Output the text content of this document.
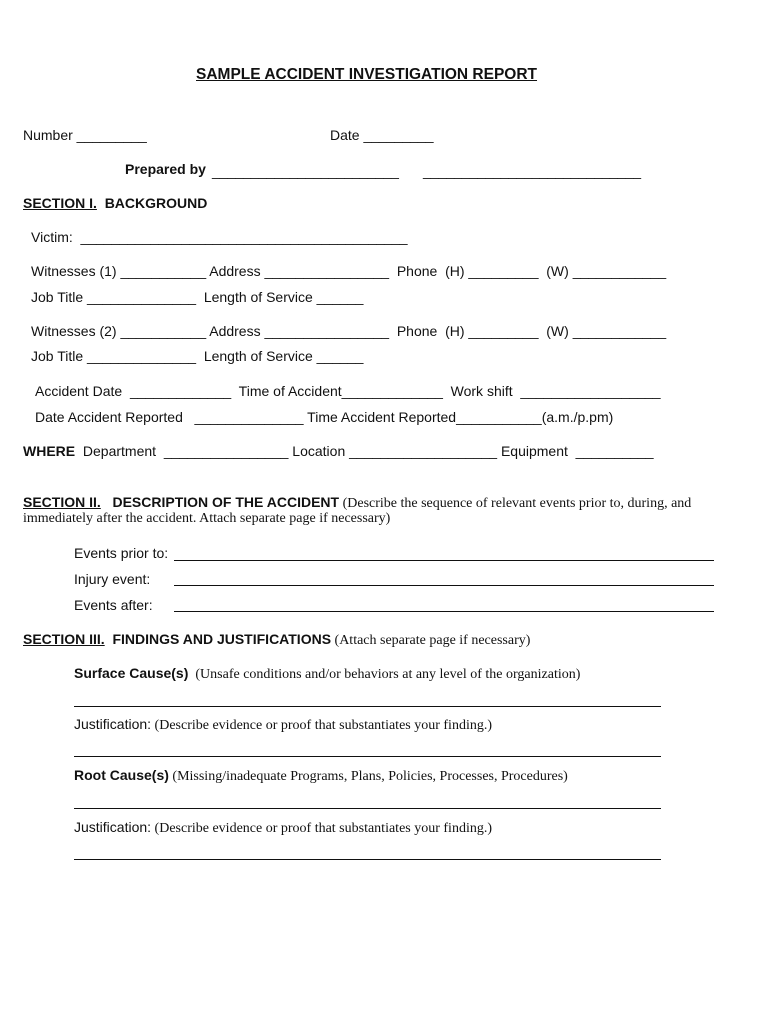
SAMPLE ACCIDENT INVESTIGATION REPORT
Number _________	Date _________
Prepared by ________________________ ____________________________
SECTION I. BACKGROUND
Victim:  __________________________________________
Witnesses (1) ___________ Address ________________  Phone  (H) _________  (W) ____________
Job Title ______________  Length of Service ______
Witnesses (2) ___________ Address ________________  Phone  (H) _________  (W) ____________
Job Title ______________  Length of Service ______
Accident Date  _____________  Time of Accident_____________  Work shift  __________________
Date Accident Reported   ______________ Time Accident Reported___________(a.m./p.pm)
WHERE  Department  ________________ Location ___________________ Equipment  __________
SECTION II. DESCRIPTION OF THE ACCIDENT (Describe the sequence of relevant events prior to, during, and
immediately after the accident. Attach separate page if necessary)
Events prior to:
Injury event:
Events after:
SECTION III. FINDINGS AND JUSTIFICATIONS (Attach separate page if necessary)
Surface Cause(s)  (Unsafe conditions and/or behaviors at any level of the organization)
Justification: (Describe evidence or proof that substantiates your finding.)
Root Cause(s) (Missing/inadequate Programs, Plans, Policies, Processes, Procedures)
Justification: (Describe evidence or proof that substantiates your finding.)
